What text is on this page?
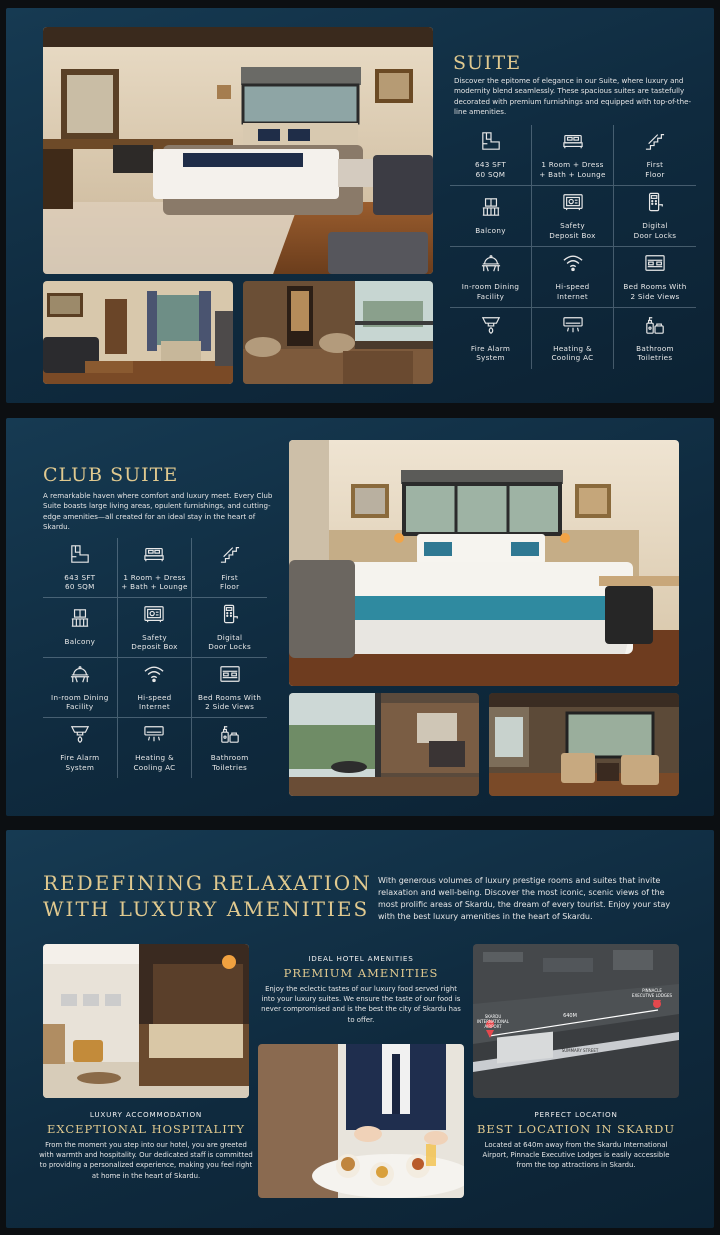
SUITE

Discover the epitome of elegance in our Suite, where luxury and modernity blend seamlessly. These spacious suites are tastefully decorated with premium furnishings and equipped with top-of-the-line amenities.

643 SFT
60 SQM
1 Room + Dress
+ Bath + Lounge
First
Floor
Balcony
Safety
Deposit Box
Digital
Door Locks
In-room Dining
Facility
Hi-speed
Internet
Bed Rooms With
2 Side Views
Fire Alarm
System
Heating &
Cooling AC
Bathroom
Toiletries
CLUB SUITE

A remarkable haven where comfort and luxury meet. Every Club Suite boasts large living areas, opulent furnishings, and cutting-edge amenities—all created for an ideal stay in the heart of Skardu.

643 SFT
60 SQM
1 Room + Dress
+ Bath + Lounge
First
Floor
Balcony
Safety
Deposit Box
Digital
Door Locks
In-room Dining
Facility
Hi-speed
Internet
Bed Rooms With
2 Side Views
Fire Alarm
System
Heating &
Cooling AC
Bathroom
Toiletries
REDEFINING RELAXATION
WITH LUXURY AMENITIES

With generous volumes of luxury prestige rooms and suites that invite relaxation and well-being. Discover the most iconic, scenic views of the most prolific areas of Skardu, the dream of every tourist. Enjoy your stay with the best luxury amenities in the heart of Skardu.

LUXURY ACCOMMODATION
EXCEPTIONAL HOSPITALITY

From the moment you step into our hotel, you are greeted with warmth and hospitality. Our dedicated staff is committed to providing a personalized experience, making you feel right at home in the heart of Skardu.

IDEAL HOTEL AMENITIES
PREMIUM AMENITIES

Enjoy the eclectic tastes of our luxury food served right into your luxury suites. We ensure the taste of our food is never compromised and is the best the city of Skardu has to offer.	SKARDU
INTERNATIONAL
AIRPORT
PINNACLE
EXECUTIVE LODGES
640M
SUMMARY STREET
PERFECT LOCATION
BEST LOCATION IN SKARDU

Located at 640m away from the Skardu International Airport, Pinnacle Executive Lodges is easily accessible from the top attractions in Skardu.
